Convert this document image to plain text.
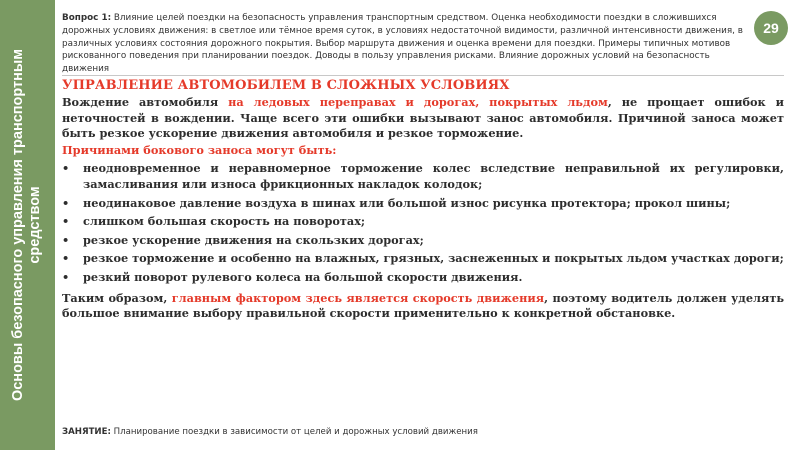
Основы безопасного управления транспортным средством
Вопрос 1: Влияние целей поездки на безопасность управления транспортным средством. Оценка необходимости поездки в сложившихся дорожных условиях движения: в светлое или тёмное время суток, в условиях недостаточной видимости, различной интенсивности движения, в различных условиях состояния дорожного покрытия. Выбор маршрута движения и оценка времени для поездки. Примеры типичных мотивов рискованного поведения при планировании поездок. Доводы в пользу управления рисками. Влияние дорожных условий на безопасность движения
29
УПРАВЛЕНИЕ АВТОМОБИЛЕМ В СЛОЖНЫХ УСЛОВИЯХ

Вождение автомобиля на ледовых переправах и дорогах, покрытых льдом, не прощает ошибок и неточностей в вождении. Чаще всего эти ошибки вызывают занос автомобиля. Причиной заноса может быть резкое ускорение движения автомобиля и резкое торможение.

Причинами бокового заноса могут быть:
• неодновременное и неравномерное торможение колес вследствие неправильной их регулировки, замасливания или износа фрикционных накладок колодок;
• неодинаковое давление воздуха в шинах или большой износ рисунка протектора; прокол шины;
• слишком большая скорость на поворотах;
• резкое ускорение движения на скользких дорогах;
• резкое торможение и особенно на влажных, грязных, заснеженных и покрытых льдом участках дороги;
• резкий поворот рулевого колеса на большой скорости движения.

Таким образом, главным фактором здесь является скорость движения, поэтому водитель должен уделять большое внимание выбору правильной скорости применительно к конкретной обстановке.

ЗАНЯТИЕ: Планирование поездки в зависимости от целей и дорожных условий движения
